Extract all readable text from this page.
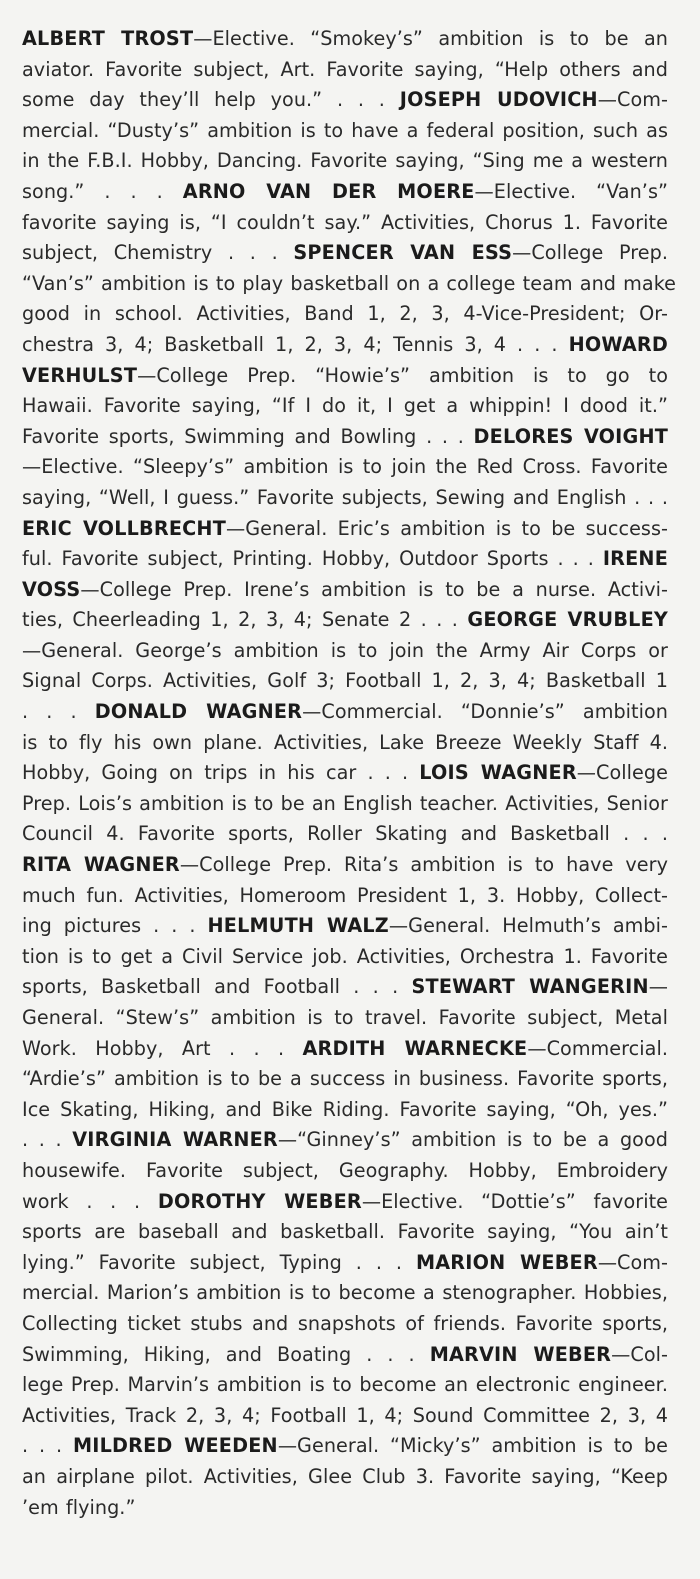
ALBERT TROST—Elective. “Smokey’s” ambition is to be an
aviator. Favorite subject, Art. Favorite saying, “Help others and
some day they’ll help you.” . . . JOSEPH UDOVICH—Com-
mercial. “Dusty’s” ambition is to have a federal position, such as
in the F.B.I. Hobby, Dancing. Favorite saying, “Sing me a western
song.” . . . ARNO VAN DER MOERE—Elective. “Van’s”
favorite saying is, “I couldn’t say.” Activities, Chorus 1. Favorite
subject, Chemistry . . . SPENCER VAN ESS—College Prep.
“Van’s” ambition is to play basketball on a college team and make
good in school. Activities, Band 1, 2, 3, 4-Vice-President; Or-
chestra 3, 4; Basketball 1, 2, 3, 4; Tennis 3, 4 . . . HOWARD
VERHULST—College Prep. “Howie’s” ambition is to go to
Hawaii. Favorite saying, “If I do it, I get a whippin! I dood it.”
Favorite sports, Swimming and Bowling . . . DELORES VOIGHT
—Elective. “Sleepy’s” ambition is to join the Red Cross. Favorite
saying, “Well, I guess.” Favorite subjects, Sewing and English . . .
ERIC VOLLBRECHT—General. Eric’s ambition is to be success-
ful. Favorite subject, Printing. Hobby, Outdoor Sports . . . IRENE
VOSS—College Prep. Irene’s ambition is to be a nurse. Activi-
ties, Cheerleading 1, 2, 3, 4; Senate 2 . . . GEORGE VRUBLEY
—General. George’s ambition is to join the Army Air Corps or
Signal Corps. Activities, Golf 3; Football 1, 2, 3, 4; Basketball 1
. . . DONALD WAGNER—Commercial. “Donnie’s” ambition
is to fly his own plane. Activities, Lake Breeze Weekly Staff 4.
Hobby, Going on trips in his car . . . LOIS WAGNER—College
Prep. Lois’s ambition is to be an English teacher. Activities, Senior
Council 4. Favorite sports, Roller Skating and Basketball . . .
RITA WAGNER—College Prep. Rita’s ambition is to have very
much fun. Activities, Homeroom President 1, 3. Hobby, Collect-
ing pictures . . . HELMUTH WALZ—General. Helmuth’s ambi-
tion is to get a Civil Service job. Activities, Orchestra 1. Favorite
sports, Basketball and Football . . . STEWART WANGERIN—
General. “Stew’s” ambition is to travel. Favorite subject, Metal
Work. Hobby, Art . . . ARDITH WARNECKE—Commercial.
“Ardie’s” ambition is to be a success in business. Favorite sports,
Ice Skating, Hiking, and Bike Riding. Favorite saying, “Oh, yes.”
. . . VIRGINIA WARNER—“Ginney’s” ambition is to be a good
housewife. Favorite subject, Geography. Hobby, Embroidery
work . . . DOROTHY WEBER—Elective. “Dottie’s” favorite
sports are baseball and basketball. Favorite saying, “You ain’t
lying.” Favorite subject, Typing . . . MARION WEBER—Com-
mercial. Marion’s ambition is to become a stenographer. Hobbies,
Collecting ticket stubs and snapshots of friends. Favorite sports,
Swimming, Hiking, and Boating . . . MARVIN WEBER—Col-
lege Prep. Marvin’s ambition is to become an electronic engineer.
Activities, Track 2, 3, 4; Football 1, 4; Sound Committee 2, 3, 4
. . . MILDRED WEEDEN—General. “Micky’s” ambition is to be
an airplane pilot. Activities, Glee Club 3. Favorite saying, “Keep
’em flying.”
